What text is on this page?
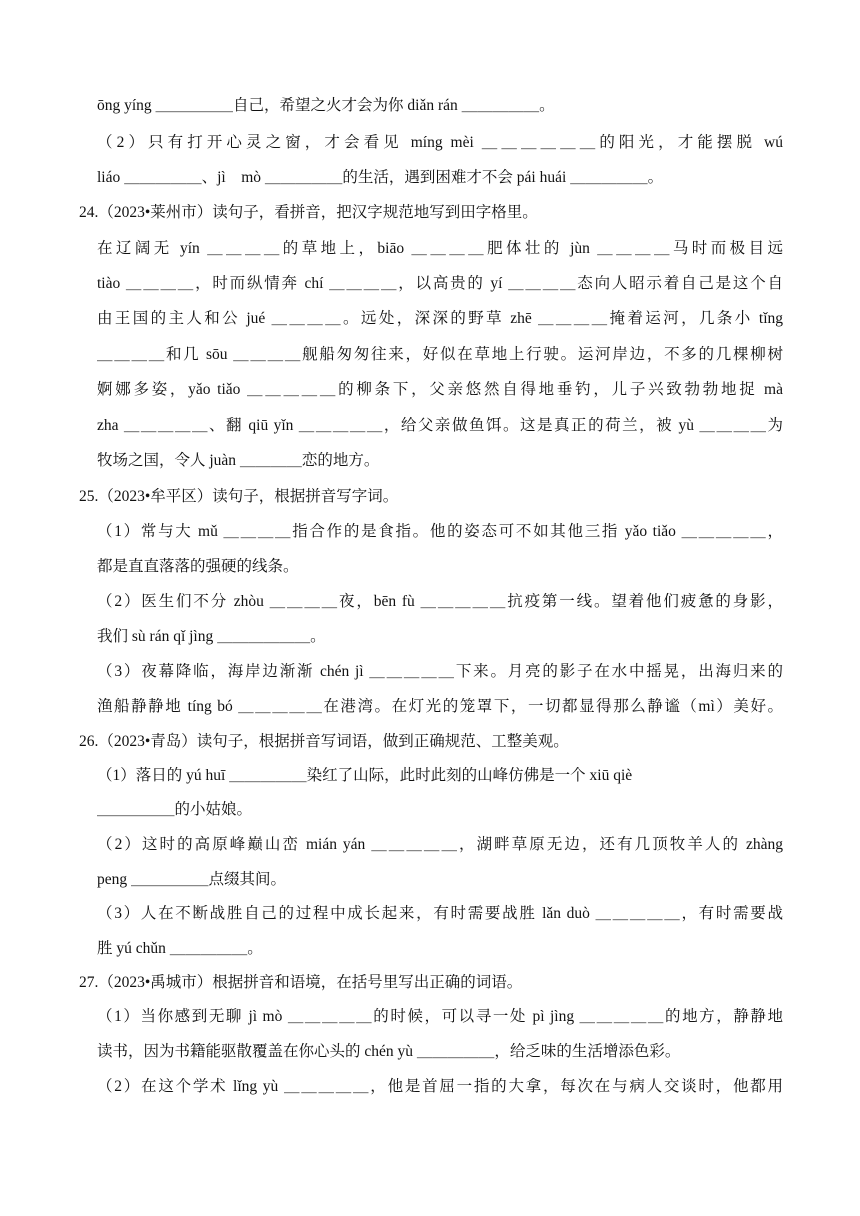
ōng yíng ＿＿＿＿＿自己，希望之火才会为你 diǎn rán ＿＿＿＿＿。
（2）只有打开心灵之窗，才会看见 míng mèi ＿＿＿＿＿＿的阳光，才能摆脱 wú
liáo ＿＿＿＿＿、jì　mò ＿＿＿＿＿的生活，遇到困难才不会 pái huái ＿＿＿＿＿。
24.（2023•莱州市）读句子，看拼音，把汉字规范地写到田字格里。
在辽阔无 yín ＿＿＿＿的草地上，biāo ＿＿＿＿肥体壮的 jùn ＿＿＿＿马时而极目远
tiào ＿＿＿＿，时而纵情奔 chí ＿＿＿＿，以高贵的 yí ＿＿＿＿态向人昭示着自己是这个自
由王国的主人和公 jué ＿＿＿＿。远处，深深的野草 zhē ＿＿＿＿掩着运河，几条小 tǐng
＿＿＿＿和几 sōu ＿＿＿＿舰船匆匆往来，好似在草地上行驶。运河岸边，不多的几棵柳树
婀娜多姿，yǎo tiǎo ＿＿＿＿＿的柳条下，父亲悠然自得地垂钓，儿子兴致勃勃地捉 mà
zha ＿＿＿＿＿、翻 qiū yǐn ＿＿＿＿＿，给父亲做鱼饵。这是真正的荷兰，被 yù ＿＿＿＿为
牧场之国，令人 juàn ＿＿＿＿恋的地方。
25.（2023•牟平区）读句子，根据拼音写字词。
（1）常与大 mǔ ＿＿＿＿指合作的是食指。他的姿态可不如其他三指 yǎo tiǎo ＿＿＿＿＿，
都是直直落落的强硬的线条。
（2）医生们不分 zhòu ＿＿＿＿夜，bēn fù ＿＿＿＿＿抗疫第一线。望着他们疲惫的身影，
我们 sù rán qǐ jìng ＿＿＿＿＿＿。
（3）夜幕降临，海岸边渐渐 chén jì ＿＿＿＿＿下来。月亮的影子在水中摇晃，出海归来的
渔船静静地 tíng bó ＿＿＿＿＿在港湾。在灯光的笼罩下，一切都显得那么静谧（mì）美好。
26.（2023•青岛）读句子，根据拼音写词语，做到正确规范、工整美观。
（1）落日的 yú huī ＿＿＿＿＿染红了山际，此时此刻的山峰仿佛是一个 xiū qiè
＿＿＿＿＿的小姑娘。
（2）这时的高原峰巅山峦 mián yán ＿＿＿＿＿，湖畔草原无边，还有几顶牧羊人的 zhàng
peng ＿＿＿＿＿点缀其间。
（3）人在不断战胜自己的过程中成长起来，有时需要战胜 lǎn duò ＿＿＿＿＿，有时需要战
胜 yú chǔn ＿＿＿＿＿。
27.（2023•禹城市）根据拼音和语境，在括号里写出正确的词语。
（1）当你感到无聊 jì mò ＿＿＿＿＿的时候，可以寻一处 pì jìng ＿＿＿＿＿的地方，静静地
读书，因为书籍能驱散覆盖在你心头的 chén yù ＿＿＿＿＿，给乏味的生活增添色彩。
（2）在这个学术 lǐng yù ＿＿＿＿＿，他是首屈一指的大拿，每次在与病人交谈时，他都用
